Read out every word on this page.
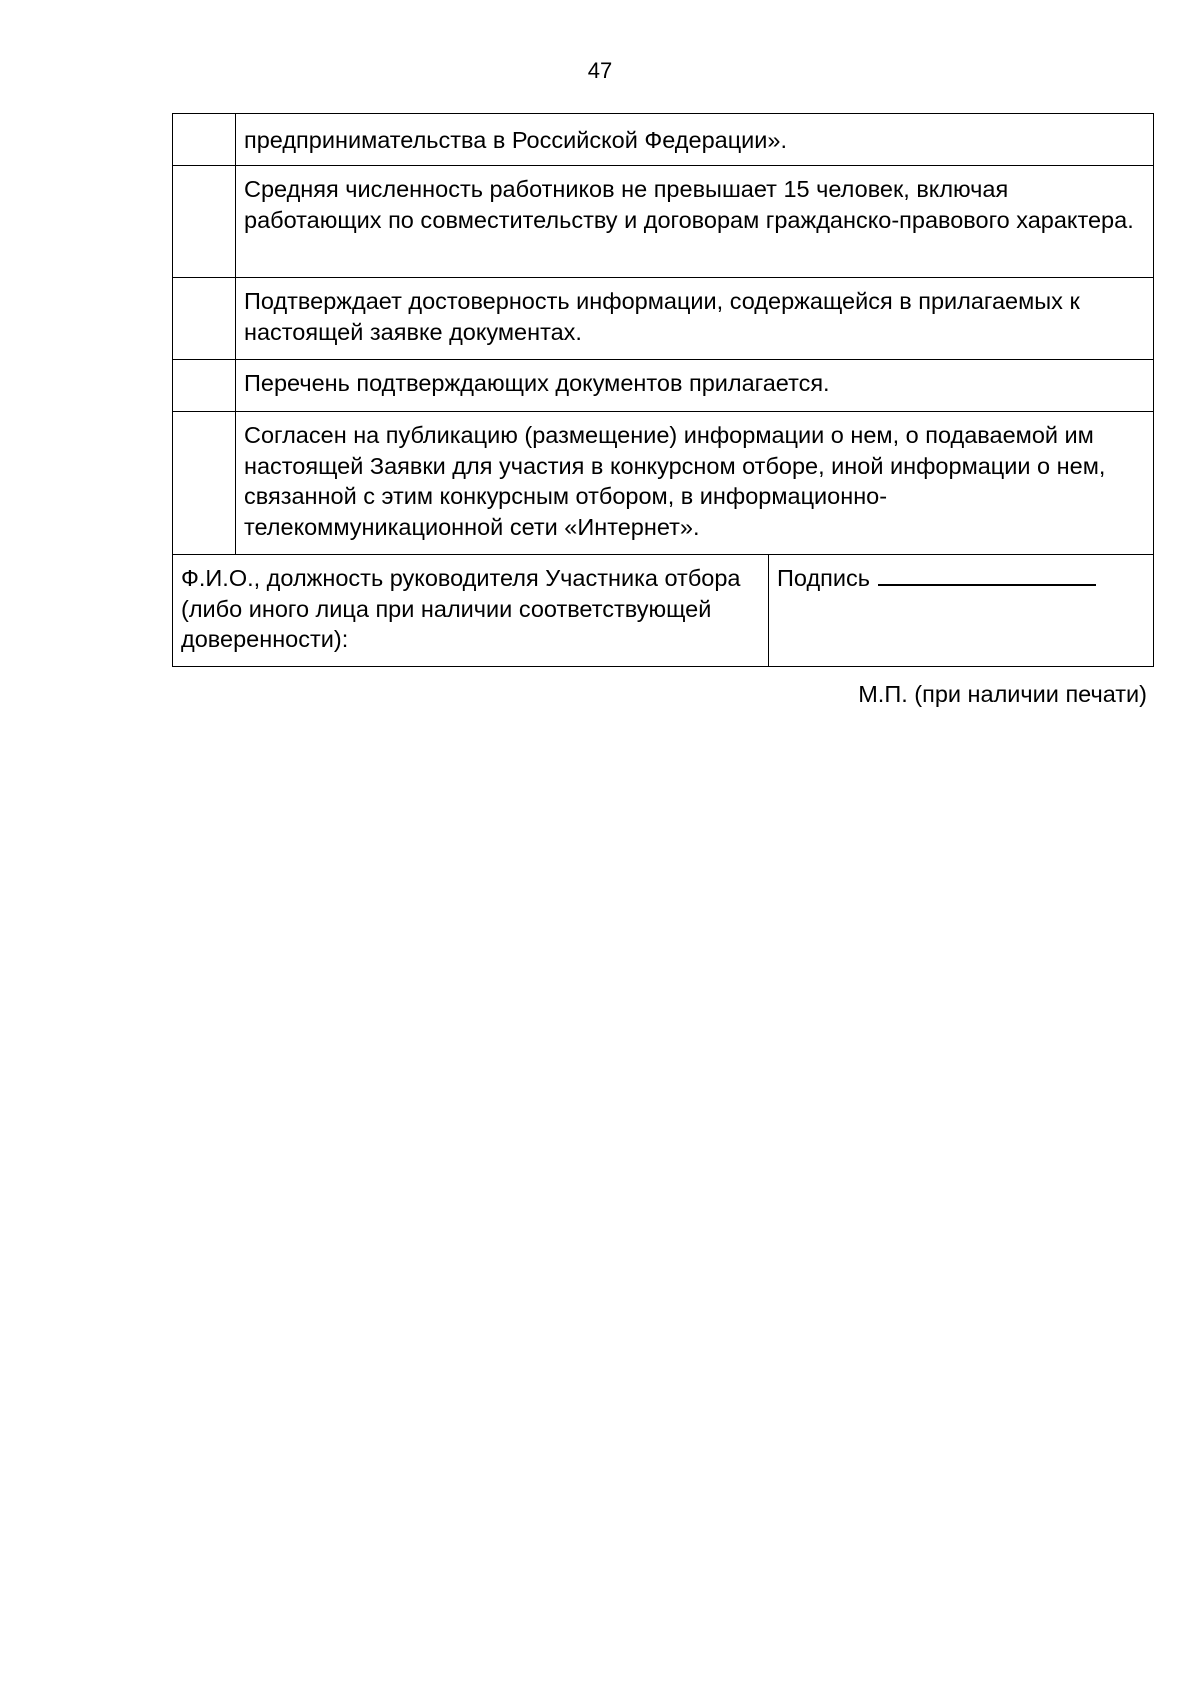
47

	предпринимательства в Российской Федерации».	

	Средняя численность работников не превышает 15 человек, включая работающих по совместительству и договорам гражданско-правового характера.	

	Подтверждает достоверность информации, содержащейся в прилагаемых к настоящей заявке документах.	

	Перечень подтверждающих документов прилагается.	

	Согласен на публикацию (размещение) информации о нем, о подаваемой им настоящей Заявки для участия в конкурсном отборе, иной информации о нем, связанной с этим конкурсным отбором, в информационно-телекоммуникационной сети «Интернет».	

Ф.И.О., должность руководителя Участника отбора (либо иного лица при наличии соответствующей доверенности):		Подпись
М.П. (при наличии печати)
